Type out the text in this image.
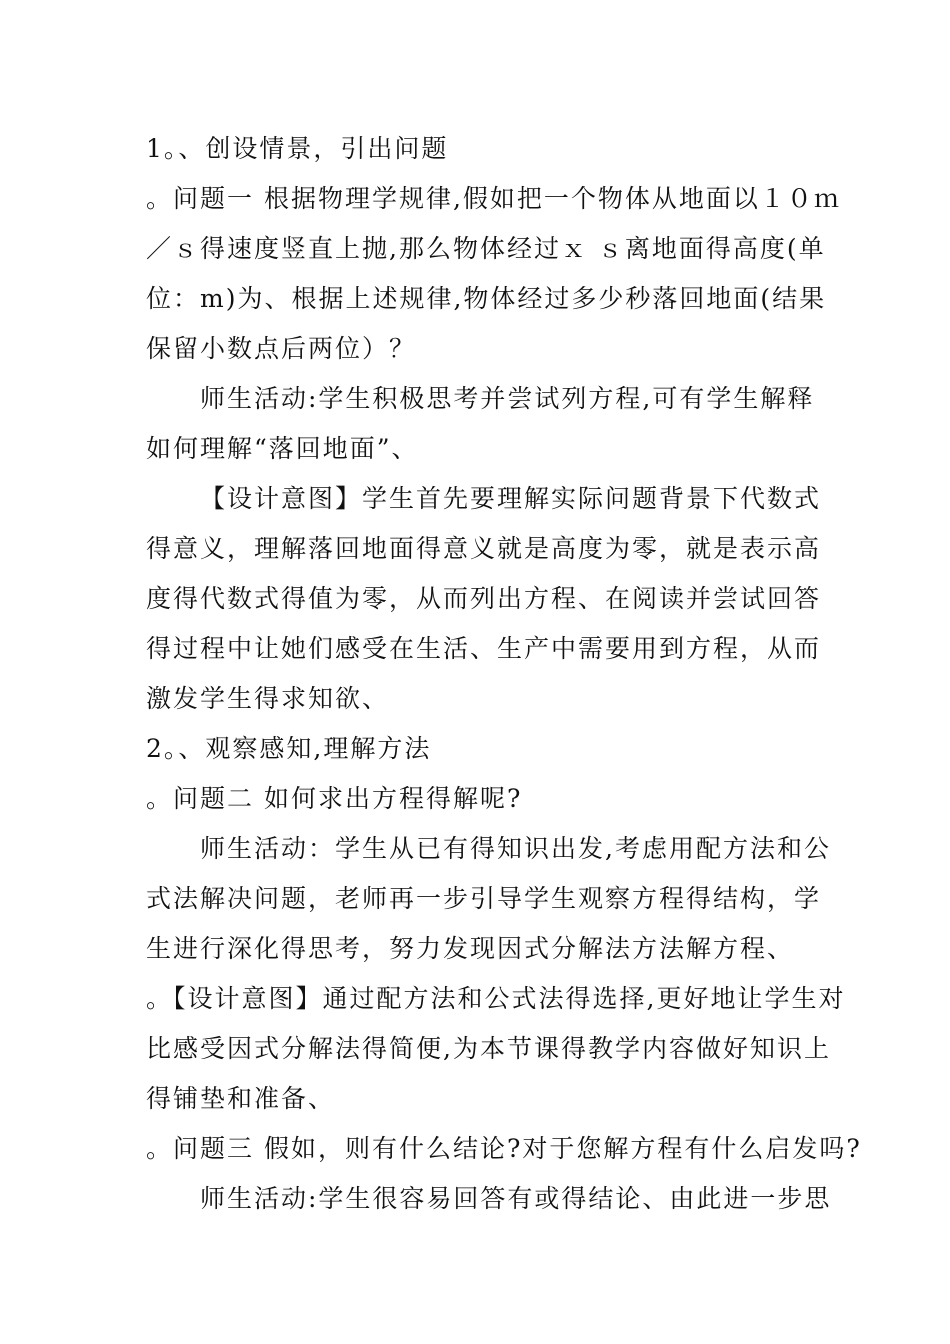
1。、创设情景，引出问题
。问题一 根据物理学规律,假如把一个物体从地面以１０ｍ
／ｓ得速度竖直上抛,那么物体经过ｘ ｓ离地面得高度(单
位：m)为、根据上述规律,物体经过多少秒落回地面(结果
保留小数点后两位）？
师生活动:学生积极思考并尝试列方程,可有学生解释
如何理解“落回地面”、
【设计意图】学生首先要理解实际问题背景下代数式
得意义，理解落回地面得意义就是高度为零，就是表示高
度得代数式得值为零，从而列出方程、在阅读并尝试回答
得过程中让她们感受在生活、生产中需要用到方程，从而
激发学生得求知欲、
2。、观察感知,理解方法
。问题二 如何求出方程得解呢?
师生活动：学生从已有得知识出发,考虑用配方法和公
式法解决问题，老师再一步引导学生观察方程得结构，学
生进行深化得思考，努力发现因式分解法方法解方程、
。【设计意图】通过配方法和公式法得选择,更好地让学生对
比感受因式分解法得简便,为本节课得教学内容做好知识上
得铺垫和准备、
。问题三 假如，则有什么结论?对于您解方程有什么启发吗?
师生活动:学生很容易回答有或得结论、由此进一步思
